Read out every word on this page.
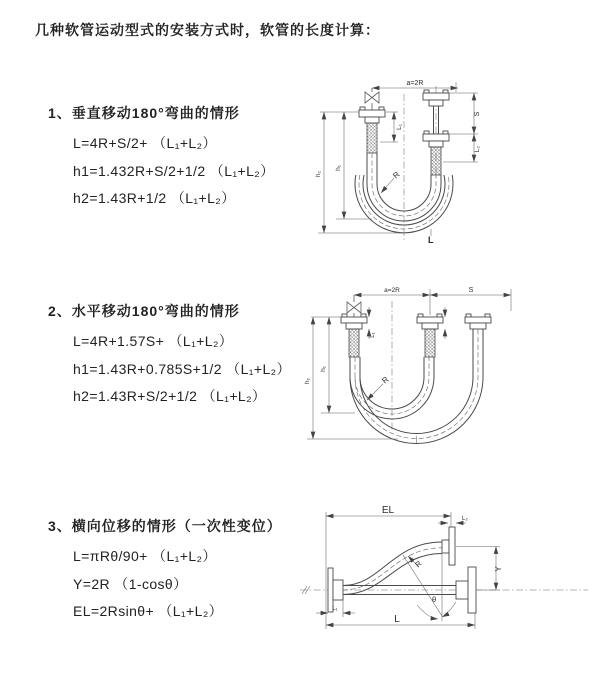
几种软管运动型式的安装方式时，软管的长度计算：
1、垂直移动180°弯曲的情形
L=4R+S/2+ （L₁+L₂）
h1=1.432R+S/2+1/2 （L₁+L₂）
h2=1.43R+1/2 （L₁+L₂）
2、水平移动180°弯曲的情形
L=4R+1.57S+ （L₁+L₂）
h1=1.43R+0.785S+1/2 （L₁+L₂）
h2=1.43R+S/2+1/2 （L₁+L₂）
3、横向位移的情形（一次性变位）
L=πRθ/90+ （L₁+L₂）
Y=2R （1-cosθ）
EL=2Rsinθ+ （L₁+L₂）
a=2R
L₁
S
L₂
L
h₁
h₂	R
a=2R	S
L₁
h₁
h₂	R
EL
L₂
Y
θ
R
L₁
L
